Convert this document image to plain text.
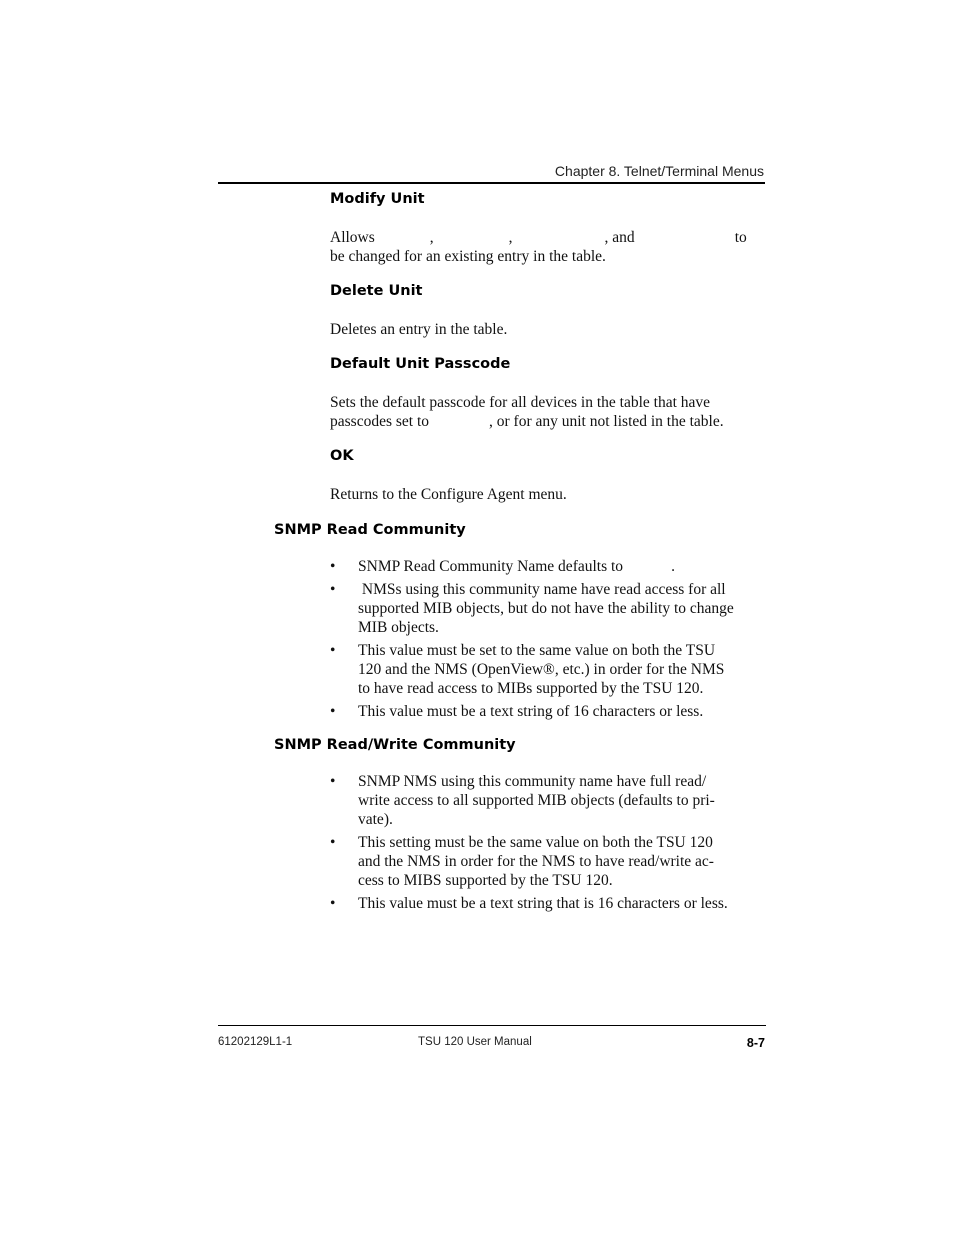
Chapter 8. Telnet/Terminal Menus
Modify Unit
Allows	,	,	, and	to
be changed for an existing entry in the table.
Delete Unit
Deletes an entry in the table.
Default Unit Passcode
Sets the default passcode for all devices in the table that have
passcodes set to	, or for any unit not listed in the table.
OK
Returns to the Configure Agent menu.
SNMP Read Community
• SNMP Read Community Name defaults to	.
• NMSs using this community name have read access for all
supported MIB objects, but do not have the ability to change
MIB objects.
• This value must be set to the same value on both the TSU
120 and the NMS (OpenView®, etc.) in order for the NMS
to have read access to MIBs supported by the TSU 120.
• This value must be a text string of 16 characters or less.
SNMP Read/Write Community
• SNMP NMS using this community name have full read/
write access to all supported MIB objects (defaults to pri-
vate).
• This setting must be the same value on both the TSU 120
and the NMS in order for the NMS to have read/write ac-
cess to MIBS supported by the TSU 120.
• This value must be a text string that is 16 characters or less.
61202129L1-1	TSU 120 User Manual	8-7
